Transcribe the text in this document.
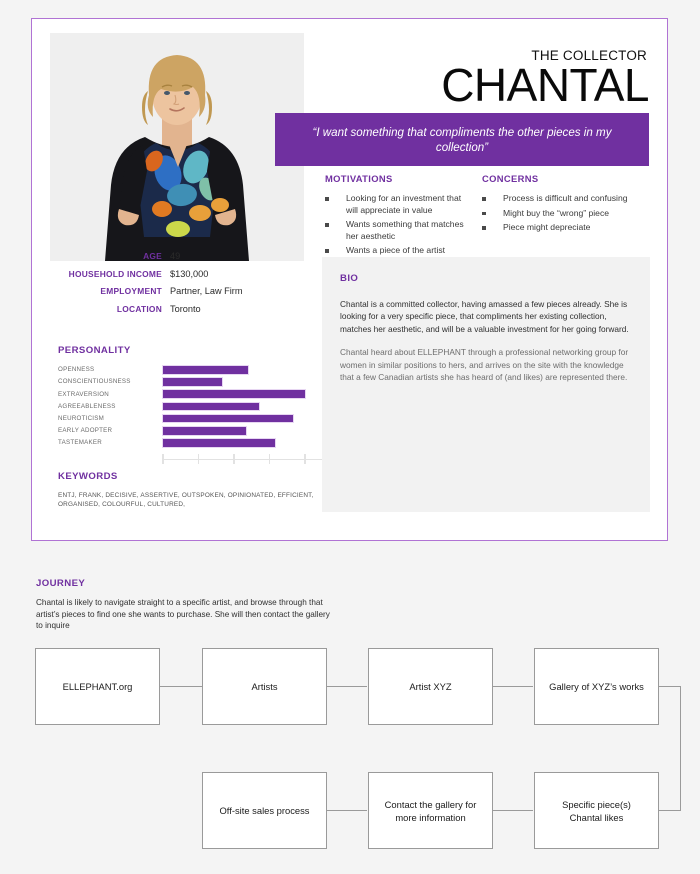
THE COLLECTOR
CHANTAL
“I want something that compliments the other pieces in my collection”
MOTIVATIONS
Looking for an investment that will appreciate in value
Wants something that matches her aesthetic
Wants a piece of the artist
CONCERNS
Process is difficult and confusing
Might buy the “wrong” piece
Piece might depreciate
AGE 49
HOUSEHOLD INCOME $130,000
EMPLOYMENT Partner, Law Firm
LOCATION Toronto
PERSONALITY
OPENNESS
CONSCIENTIOUSNESS
EXTRAVERSION
AGREEABLENESS
NEUROTICISM
EARLY ADOPTER
TASTEMAKER
KEYWORDS

ENTJ, FRANK, DECISIVE, ASSERTIVE, OUTSPOKEN, OPINIONATED, EFFICIENT, ORGANISED, COLOURFUL, CULTURED,

BIO

Chantal is a committed collector, having amassed a few pieces already. She is looking for a very specific piece, that compliments her existing collection, matches her aesthetic, and will be a valuable investment for her going forward.

Chantal heard about ELLEPHANT through a professional networking group for women in similar positions to hers, and arrives on the site with the knowledge that a few Canadian artists she has heard of (and likes) are represented there.

JOURNEY

Chantal is likely to navigate straight to a specific artist, and browse through that artist’s pieces to find one she wants to purchase. She will then contact the gallery to inquire

ELLEPHANT.org	Artists	Artist XYZ	Gallery of XYZ’s works
Specific piece(s) Chantal likes
Contact the gallery for more information
Off-site sales process
